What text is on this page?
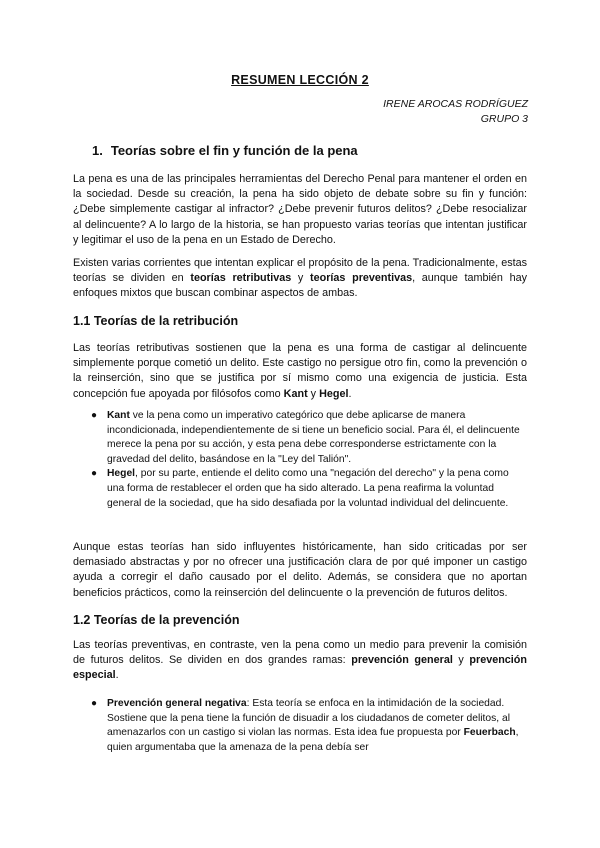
RESUMEN LECCIÓN 2
IRENE AROCAS RODRÍGUEZ
GRUPO 3
1. Teorías sobre el fin y función de la pena
La pena es una de las principales herramientas del Derecho Penal para mantener el orden en la sociedad. Desde su creación, la pena ha sido objeto de debate sobre su fin y función: ¿Debe simplemente castigar al infractor? ¿Debe prevenir futuros delitos? ¿Debe resocializar al delincuente? A lo largo de la historia, se han propuesto varias teorías que intentan justificar y legitimar el uso de la pena en un Estado de Derecho.
Existen varias corrientes que intentan explicar el propósito de la pena. Tradicionalmente, estas teorías se dividen en teorías retributivas y teorías preventivas, aunque también hay enfoques mixtos que buscan combinar aspectos de ambas.
1.1 Teorías de la retribución
Las teorías retributivas sostienen que la pena es una forma de castigar al delincuente simplemente porque cometió un delito. Este castigo no persigue otro fin, como la prevención o la reinserción, sino que se justifica por sí mismo como una exigencia de justicia. Esta concepción fue apoyada por filósofos como Kant y Hegel.
● Kant ve la pena como un imperativo categórico que debe aplicarse de manera incondicionada, independientemente de si tiene un beneficio social. Para él, el delincuente merece la pena por su acción, y esta pena debe corresponderse estrictamente con la gravedad del delito, basándose en la "Ley del Talión".
● Hegel, por su parte, entiende el delito como una "negación del derecho" y la pena como una forma de restablecer el orden que ha sido alterado. La pena reafirma la voluntad general de la sociedad, que ha sido desafiada por la voluntad individual del delincuente.
Aunque estas teorías han sido influyentes históricamente, han sido criticadas por ser demasiado abstractas y por no ofrecer una justificación clara de por qué imponer un castigo ayuda a corregir el daño causado por el delito. Además, se considera que no aportan beneficios prácticos, como la reinserción del delincuente o la prevención de futuros delitos.
1.2 Teorías de la prevención
Las teorías preventivas, en contraste, ven la pena como un medio para prevenir la comisión de futuros delitos. Se dividen en dos grandes ramas: prevención general y prevención especial.
● Prevención general negativa: Esta teoría se enfoca en la intimidación de la sociedad. Sostiene que la pena tiene la función de disuadir a los ciudadanos de cometer delitos, al amenazarlos con un castigo si violan las normas. Esta idea fue propuesta por Feuerbach, quien argumentaba que la amenaza de la pena debía ser
